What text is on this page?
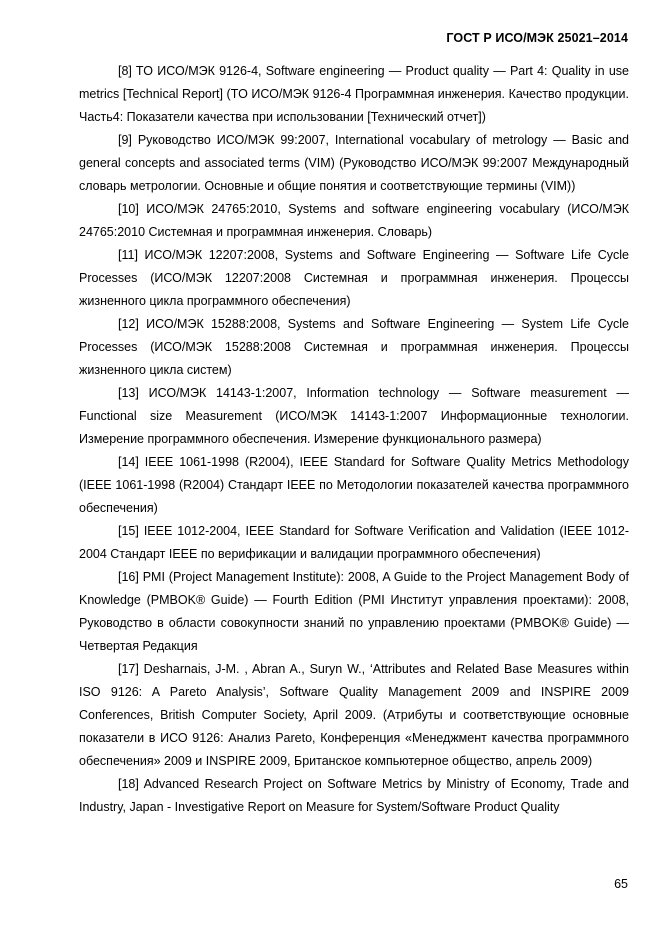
ГОСТ Р ИСО/МЭК 25021–2014

[8] TO ИСО/МЭК 9126-4, Software engineering — Product quality — Part 4: Quality in use metrics [Technical Report] (TO ИСО/МЭК 9126-4 Программная инженерия. Качество продукции. Часть4: Показатели качества при использовании [Технический отчет])

[9] Руководство ИСО/МЭК 99:2007, International vocabulary of metrology — Basic and general concepts and associated terms (VIM) (Руководство ИСО/МЭК 99:2007 Международный словарь метрологии. Основные и общие понятия и соответствующие термины (VIM))

[10] ИСО/МЭК 24765:2010, Systems and software engineering vocabulary (ИСО/МЭК 24765:2010 Системная и программная инженерия. Словарь)

[11] ИСО/МЭК 12207:2008, Systems and Software Engineering — Software Life Cycle Processes (ИСО/МЭК 12207:2008 Системная и программная инженерия. Процессы жизненного цикла программного обеспечения)

[12] ИСО/МЭК 15288:2008, Systems and Software Engineering — System Life Cycle Processes (ИСО/МЭК 15288:2008 Системная и программная инженерия. Процессы жизненного цикла систем)

[13] ИСО/МЭК 14143-1:2007, Information technology — Software measurement — Functional size Measurement (ИСО/МЭК 14143-1:2007 Информационные технологии. Измерение программного обеспечения. Измерение функционального размера)

[14] IEEE 1061-1998 (R2004), IEEE Standard for Software Quality Metrics Methodology (IEEE 1061-1998 (R2004) Стандарт IEEE по Методологии показателей качества программного обеспечения)

[15] IEEE 1012-2004, IEEE Standard for Software Verification and Validation (IEEE 1012-2004 Стандарт IEEE по верификации и валидации программного обеспечения)

[16] PMI (Project Management Institute): 2008, A Guide to the Project Management Body of Knowledge (PMBOK® Guide) — Fourth Edition (PMI Институт управления проектами): 2008, Руководство в области совокупности знаний по управлению проектами (PMBOK® Guide) — Четвертая Редакция

[17] Desharnais, J-M. , Abran A., Suryn W., ‘Attributes and Related Base Measures within ISO 9126: A Pareto Analysis’, Software Quality Management 2009 and INSPIRE 2009 Conferences, British Computer Society, April 2009. (Атрибуты и соответствующие основные показатели в ИСО 9126: Анализ Pareto, Конференция «Менеджмент качества программного обеспечения» 2009 и INSPIRE 2009, Британское компьютерное общество, апрель 2009)

[18] Advanced Research Project on Software Metrics by Ministry of Economy, Trade and Industry, Japan - Investigative Report on Measure for System/Software Product Quality

65
